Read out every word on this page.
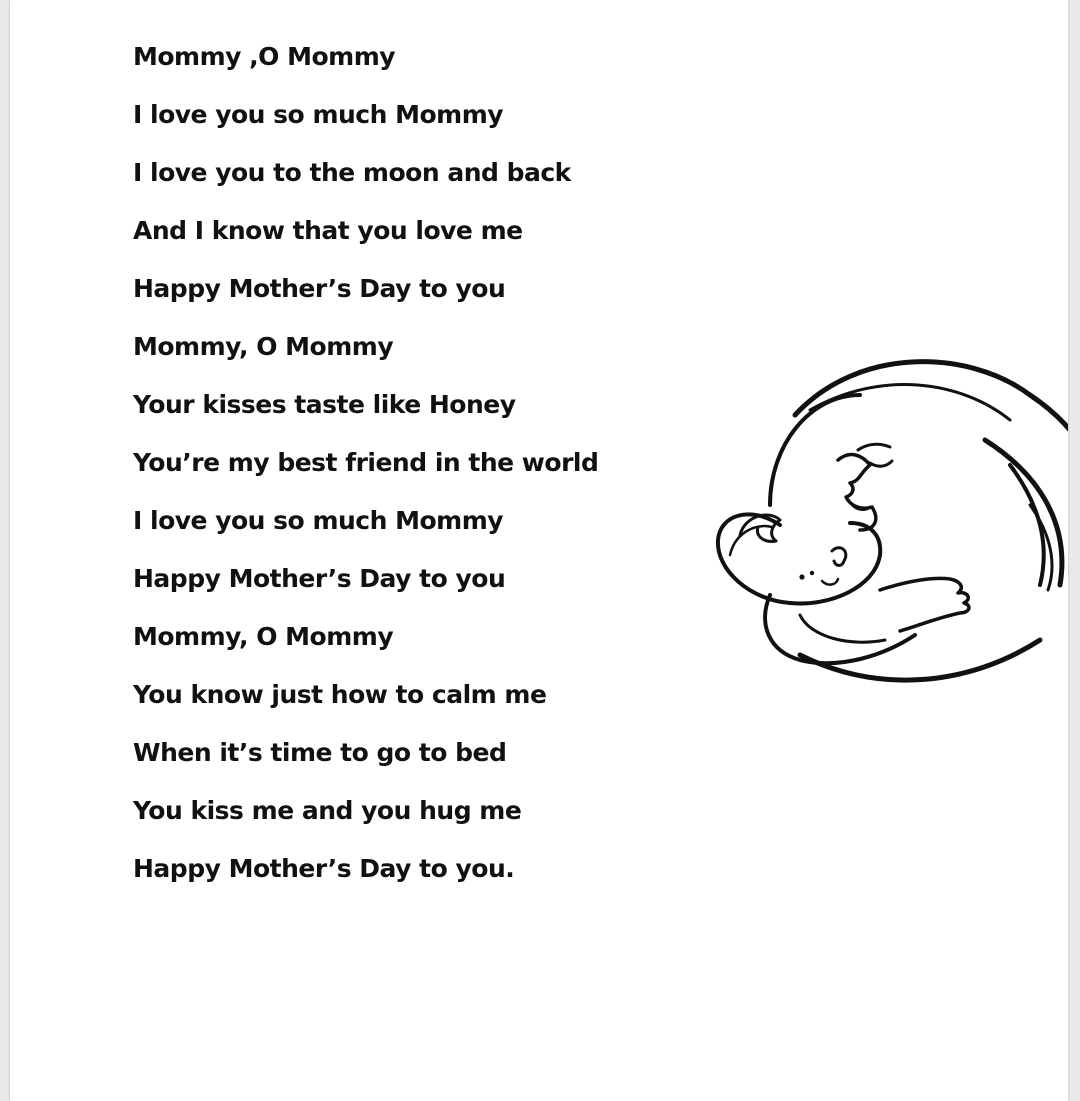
Mommy ,O Mommy
I love you so much Mommy
I love you to the moon and back
And I know that you love me
Happy Mother’s Day to you
Mommy, O Mommy
Your kisses taste like Honey
You’re my best friend in the world
I love you so much Mommy
Happy Mother’s Day to you
Mommy, O Mommy
You know just how to calm me
When it’s time to go to bed
You kiss me and you hug me
Happy Mother’s Day to you.
